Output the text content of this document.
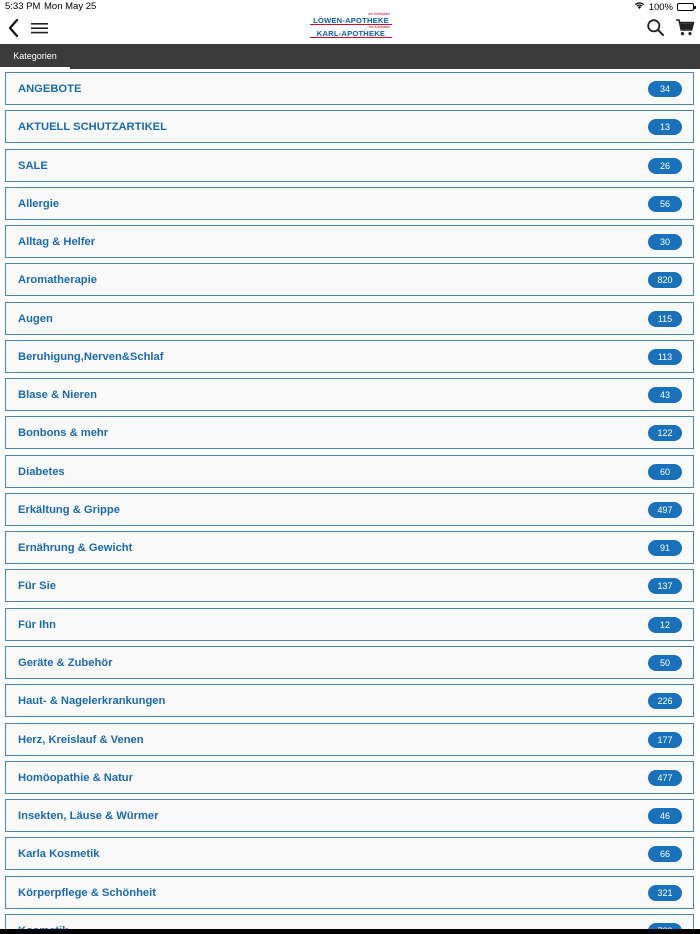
5:33 PM Mon May 25	100%
am Marktplatz
LÖWEN-APOTHEKE
am Karlsplatz
KARL-APOTHEKE
Kategorien
ANGEBOTE	34
AKTUELL SCHUTZARTIKEL	13
SALE	26
Allergie	56
Alltag & Helfer	30
Aromatherapie	820
Augen	115
Beruhigung,Nerven&Schlaf	113
Blase & Nieren	43
Bonbons & mehr	122
Diabetes	60
Erkältung & Grippe	497
Ernährung & Gewicht	91
Für Sie	137
Für Ihn	12
Geräte & Zubehör	50
Haut- & Nagelerkrankungen	226
Herz, Kreislauf & Venen	177
Homöopathie & Natur	477
Insekten, Läuse & Würmer	46
Karla Kosmetik	66
Körperpflege & Schönheit	321
